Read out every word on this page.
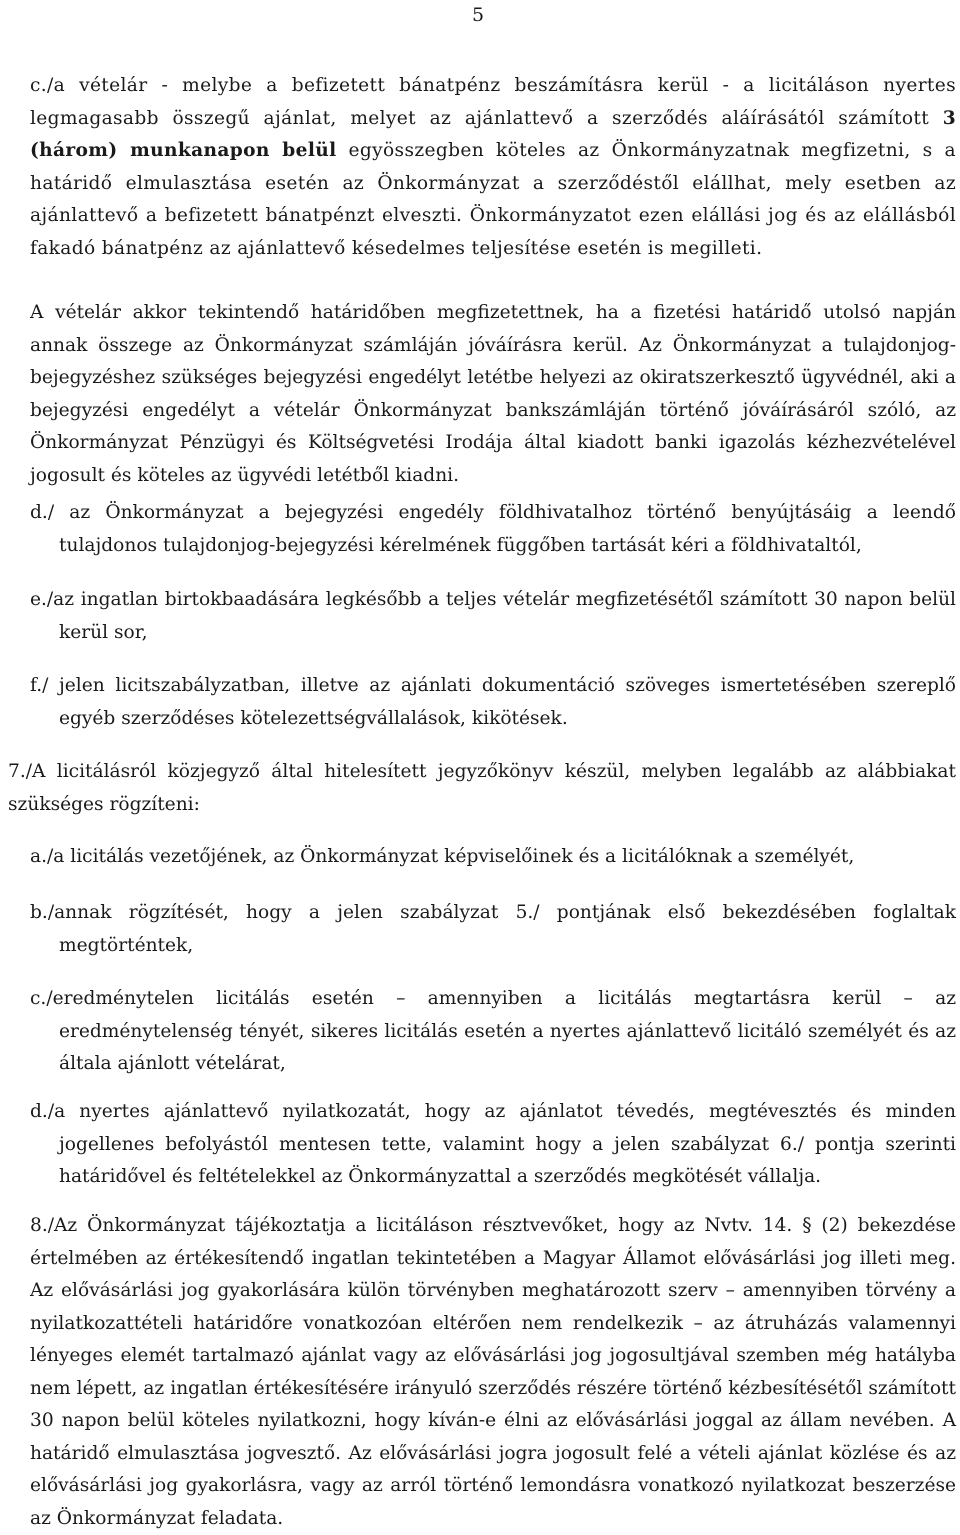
5

c./a vételár - melybe a befizetett bánatpénz beszámításra kerül - a licitáláson nyertes legmagasabb összegű ajánlat, melyet az ajánlattevő a szerződés aláírásától számított 3 (három) munkanapon belül egyösszegben köteles az Önkormányzatnak megfizetni, s a határidő elmulasztása esetén az Önkormányzat a szerződéstől elállhat, mely esetben az ajánlattevő a befizetett bánatpénzt elveszti. Önkormányzatot ezen elállási jog és az elállásból fakadó bánatpénz az ajánlattevő késedelmes teljesítése esetén is megilleti.

A vételár akkor tekintendő határidőben megfizetettnek, ha a fizetési határidő utolsó napján annak összege az Önkormányzat számláján jóváírásra kerül. Az Önkormányzat a tulajdonjog-bejegyzéshez szükséges bejegyzési engedélyt letétbe helyezi az okiratszerkesztő ügyvédnél, aki a bejegyzési engedélyt a vételár Önkormányzat bankszámláján történő jóváírásáról szóló, az Önkormányzat Pénzügyi és Költségvetési Irodája által kiadott banki igazolás kézhezvételével jogosult és köteles az ügyvédi letétből kiadni.

d./ az Önkormányzat a bejegyzési engedély földhivatalhoz történő benyújtásáig a leendő tulajdonos tulajdonjog-bejegyzési kérelmének függőben tartását kéri a földhivataltól,

e./az ingatlan birtokbaadására legkésőbb a teljes vételár megfizetésétől számított 30 napon belül kerül sor,

f./ jelen licitszabályzatban, illetve az ajánlati dokumentáció szöveges ismertetésében szereplő egyéb szerződéses kötelezettségvállalások, kikötések.

7./A licitálásról közjegyző által hitelesített jegyzőkönyv készül, melyben legalább az alábbiakat szükséges rögzíteni:

a./a licitálás vezetőjének, az Önkormányzat képviselőinek és a licitálóknak a személyét,

b./annak rögzítését, hogy a jelen szabályzat 5./ pontjának első bekezdésében foglaltak megtörténtek,

c./eredménytelen licitálás esetén – amennyiben a licitálás megtartásra kerül – az eredménytelenség tényét, sikeres licitálás esetén a nyertes ajánlattevő licitáló személyét és az általa ajánlott vételárat,

d./a nyertes ajánlattevő nyilatkozatát, hogy az ajánlatot tévedés, megtévesztés és minden jogellenes befolyástól mentesen tette, valamint hogy a jelen szabályzat 6./ pontja szerinti határidővel és feltételekkel az Önkormányzattal a szerződés megkötését vállalja.

8./Az Önkormányzat tájékoztatja a licitáláson résztvevőket, hogy az Nvtv. 14. § (2) bekezdése értelmében az értékesítendő ingatlan tekintetében a Magyar Államot elővásárlási jog illeti meg. Az elővásárlási jog gyakorlására külön törvényben meghatározott szerv – amennyiben törvény a nyilatkozattételi határidőre vonatkozóan eltérően nem rendelkezik – az átruházás valamennyi lényeges elemét tartalmazó ajánlat vagy az elővásárlási jog jogosultjával szemben még hatályba nem lépett, az ingatlan értékesítésére irányuló szerződés részére történő kézbesítésétől számított 30 napon belül köteles nyilatkozni, hogy kíván-e élni az elővásárlási joggal az állam nevében. A határidő elmulasztása jogvesztő. Az elővásárlási jogra jogosult felé a vételi ajánlat közlése és az elővásárlási jog gyakorlásra, vagy az arról történő lemondásra vonatkozó nyilatkozat beszerzése az Önkormányzat feladata.
